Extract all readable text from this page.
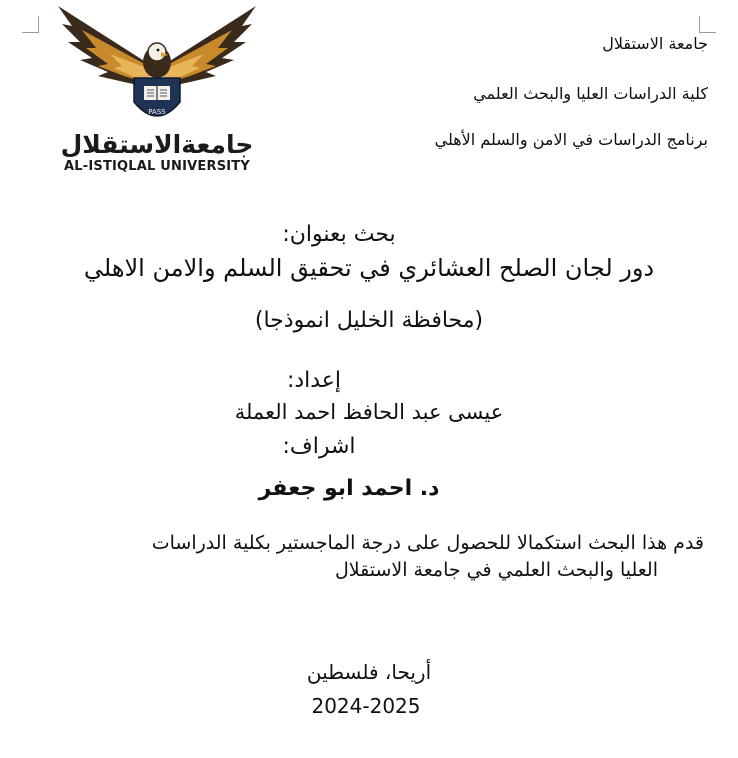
PASS
جامعةالاستقلال
AL-ISTIQLAL UNIVERSITY
جامعة الاستقلال
كلية الدراسات العليا والبحث العلمي
برنامج الدراسات في الامن والسلم الأهلي
بحث بعنوان:
دور لجان الصلح العشائري في تحقيق السلم والامن الاهلي
(محافظة الخليل انموذجا)
إعداد:
عيسى عبد الحافظ احمد العملة
اشراف:
د. احمد ابو جعفر
قدم هذا البحث استكمالا للحصول على درجة الماجستير بكلية الدراسات
العليا والبحث العلمي في جامعة الاستقلال
أريحا، فلسطين
2024-2025
